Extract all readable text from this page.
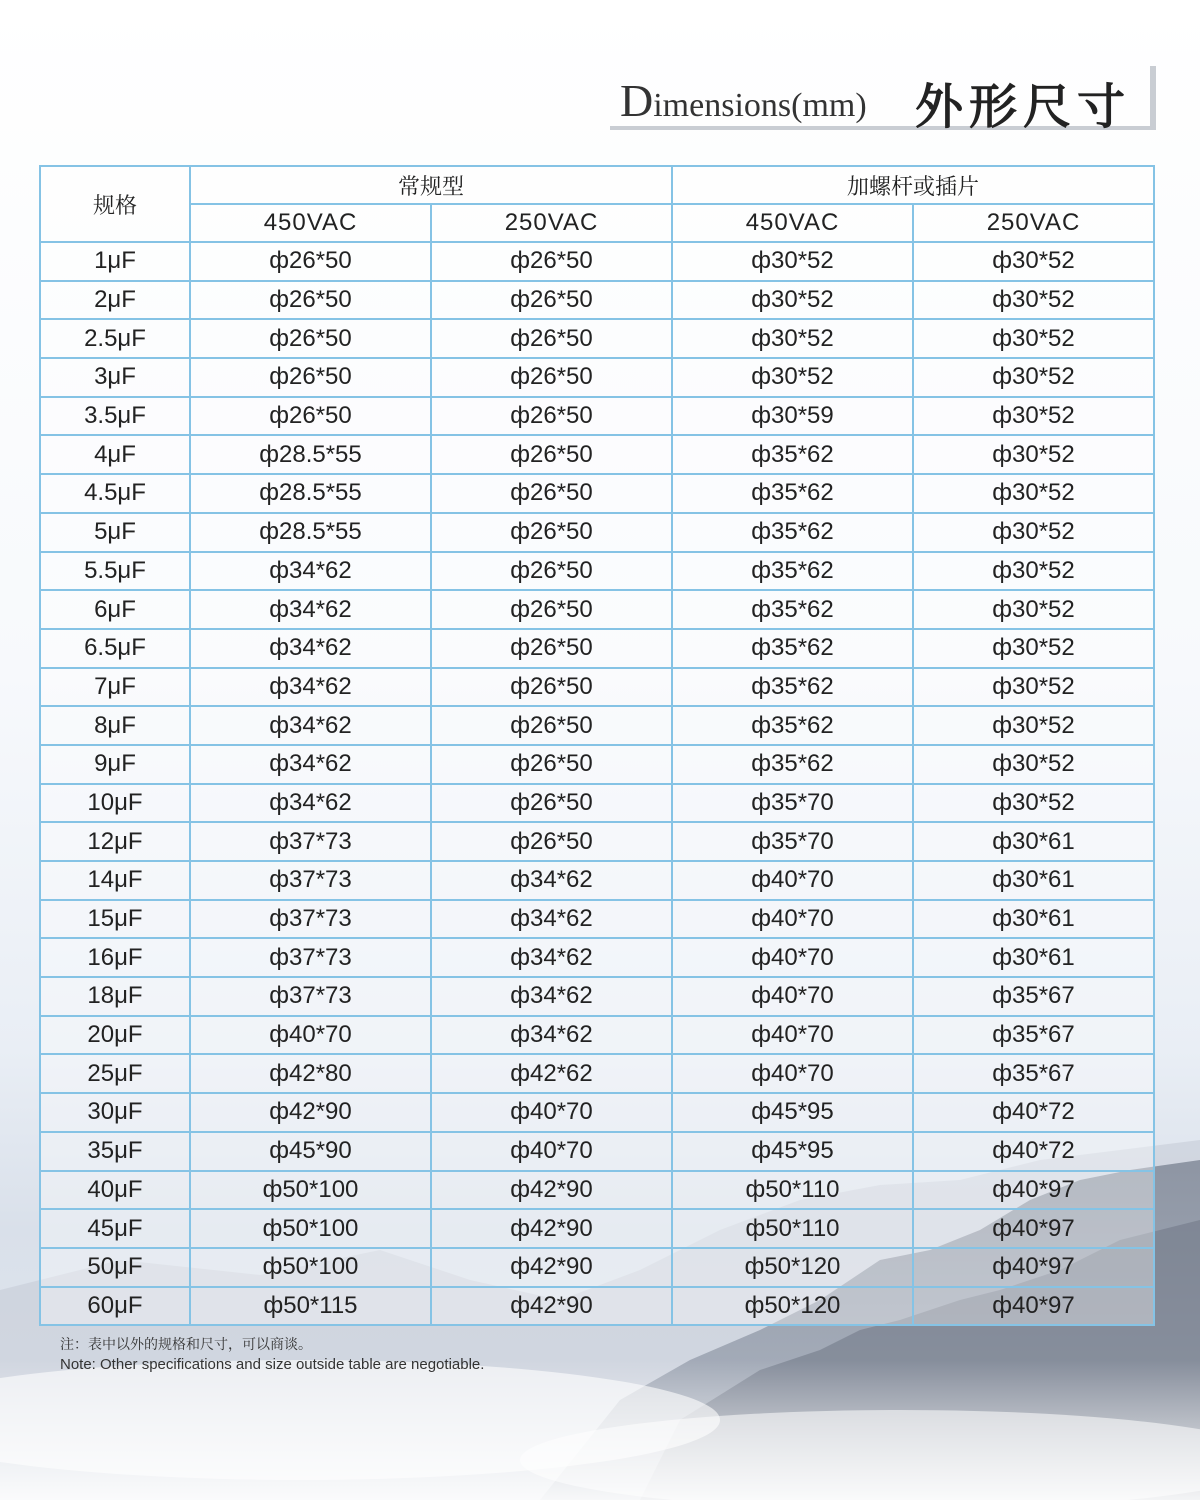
Dimensions(mm) 外形尺寸
规格	常规型		加螺杆或插片	
	450VAC	250VAC	450VAC	250VAC
1μF	ф26*50	ф26*50	ф30*52	ф30*52
2μF	ф26*50	ф26*50	ф30*52	ф30*52
2.5μF	ф26*50	ф26*50	ф30*52	ф30*52
3μF	ф26*50	ф26*50	ф30*52	ф30*52
3.5μF	ф26*50	ф26*50	ф30*59	ф30*52
4μF	ф28.5*55	ф26*50	ф35*62	ф30*52
4.5μF	ф28.5*55	ф26*50	ф35*62	ф30*52
5μF	ф28.5*55	ф26*50	ф35*62	ф30*52
5.5μF	ф34*62	ф26*50	ф35*62	ф30*52
6μF	ф34*62	ф26*50	ф35*62	ф30*52
6.5μF	ф34*62	ф26*50	ф35*62	ф30*52
7μF	ф34*62	ф26*50	ф35*62	ф30*52
8μF	ф34*62	ф26*50	ф35*62	ф30*52
9μF	ф34*62	ф26*50	ф35*62	ф30*52
10μF	ф34*62	ф26*50	ф35*70	ф30*52
12μF	ф37*73	ф26*50	ф35*70	ф30*61
14μF	ф37*73	ф34*62	ф40*70	ф30*61
15μF	ф37*73	ф34*62	ф40*70	ф30*61
16μF	ф37*73	ф34*62	ф40*70	ф30*61
18μF	ф37*73	ф34*62	ф40*70	ф35*67
20μF	ф40*70	ф34*62	ф40*70	ф35*67
25μF	ф42*80	ф42*62	ф40*70	ф35*67
30μF	ф42*90	ф40*70	ф45*95	ф40*72
35μF	ф45*90	ф40*70	ф45*95	ф40*72
40μF	ф50*100	ф42*90	ф50*110	ф40*97
45μF	ф50*100	ф42*90	ф50*110	ф40*97
50μF	ф50*100	ф42*90	ф50*120	ф40*97
60μF	ф50*115	ф42*90	ф50*120	ф40*97
注：表中以外的规格和尺寸，可以商谈。
Note: Other specifications and size outside table are negotiable.
